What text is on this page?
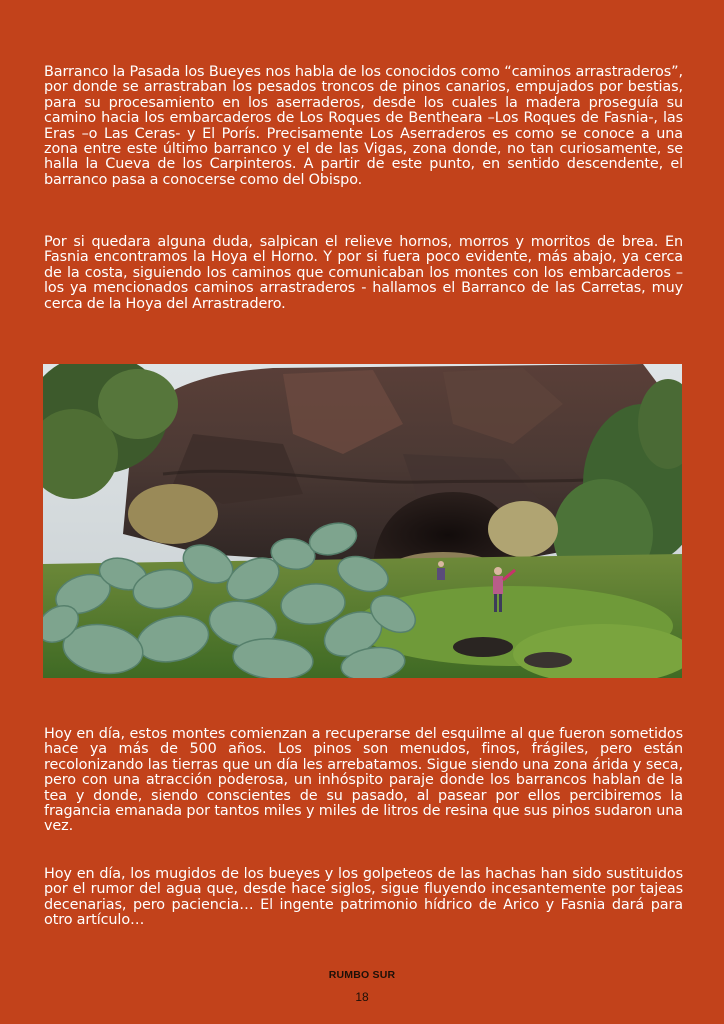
Barranco la Pasada los Bueyes nos habla de los conocidos como “caminos arrastraderos”, por donde se arrastraban los pesados troncos de pinos canarios, empujados por bestias, para su procesamiento en los aserraderos, desde los cuales la madera proseguía su camino hacia los embarcaderos de Los Roques de Bentheara –Los Roques de Fasnia-, las Eras –o Las Ceras- y El Porís. Precisamente Los Aserraderos es como se conoce a una zona entre este último barranco y el de las Vigas, zona donde, no tan curiosamente, se halla la Cueva de los Carpinteros. A partir de este punto, en sentido descendente, el barranco pasa a conocerse como del Obispo.

Por si quedara alguna duda, salpican el relieve hornos, morros y morritos de brea. En Fasnia encontramos la Hoya el Horno. Y por si fuera poco evidente, más abajo, ya cerca de la costa, siguiendo los caminos que comunicaban los montes con los embarcaderos –los ya mencionados caminos arrastraderos - hallamos el Barranco de las Carretas, muy cerca de la Hoya del Arrastradero.

Hoy en día, estos montes comienzan a recuperarse del esquilme al que fueron sometidos hace ya más de 500 años. Los pinos son menudos, finos, frágiles, pero están recolonizando las tierras que un día les arrebatamos. Sigue siendo una zona árida y seca, pero con una atracción poderosa, un inhóspito paraje donde los barrancos hablan de la tea y donde, siendo conscientes de su pasado, al pasear por ellos percibiremos la fragancia emanada por tantos miles y miles de litros de resina que sus pinos sudaron una vez.

Hoy en día, los mugidos de los bueyes y los golpeteos de las hachas han sido sustituidos por el rumor del agua que, desde hace siglos, sigue fluyendo incesantemente por tajeas decenarias, pero paciencia… El ingente patrimonio hídrico de Arico y Fasnia dará para otro artículo…

RUMBO SUR
18
